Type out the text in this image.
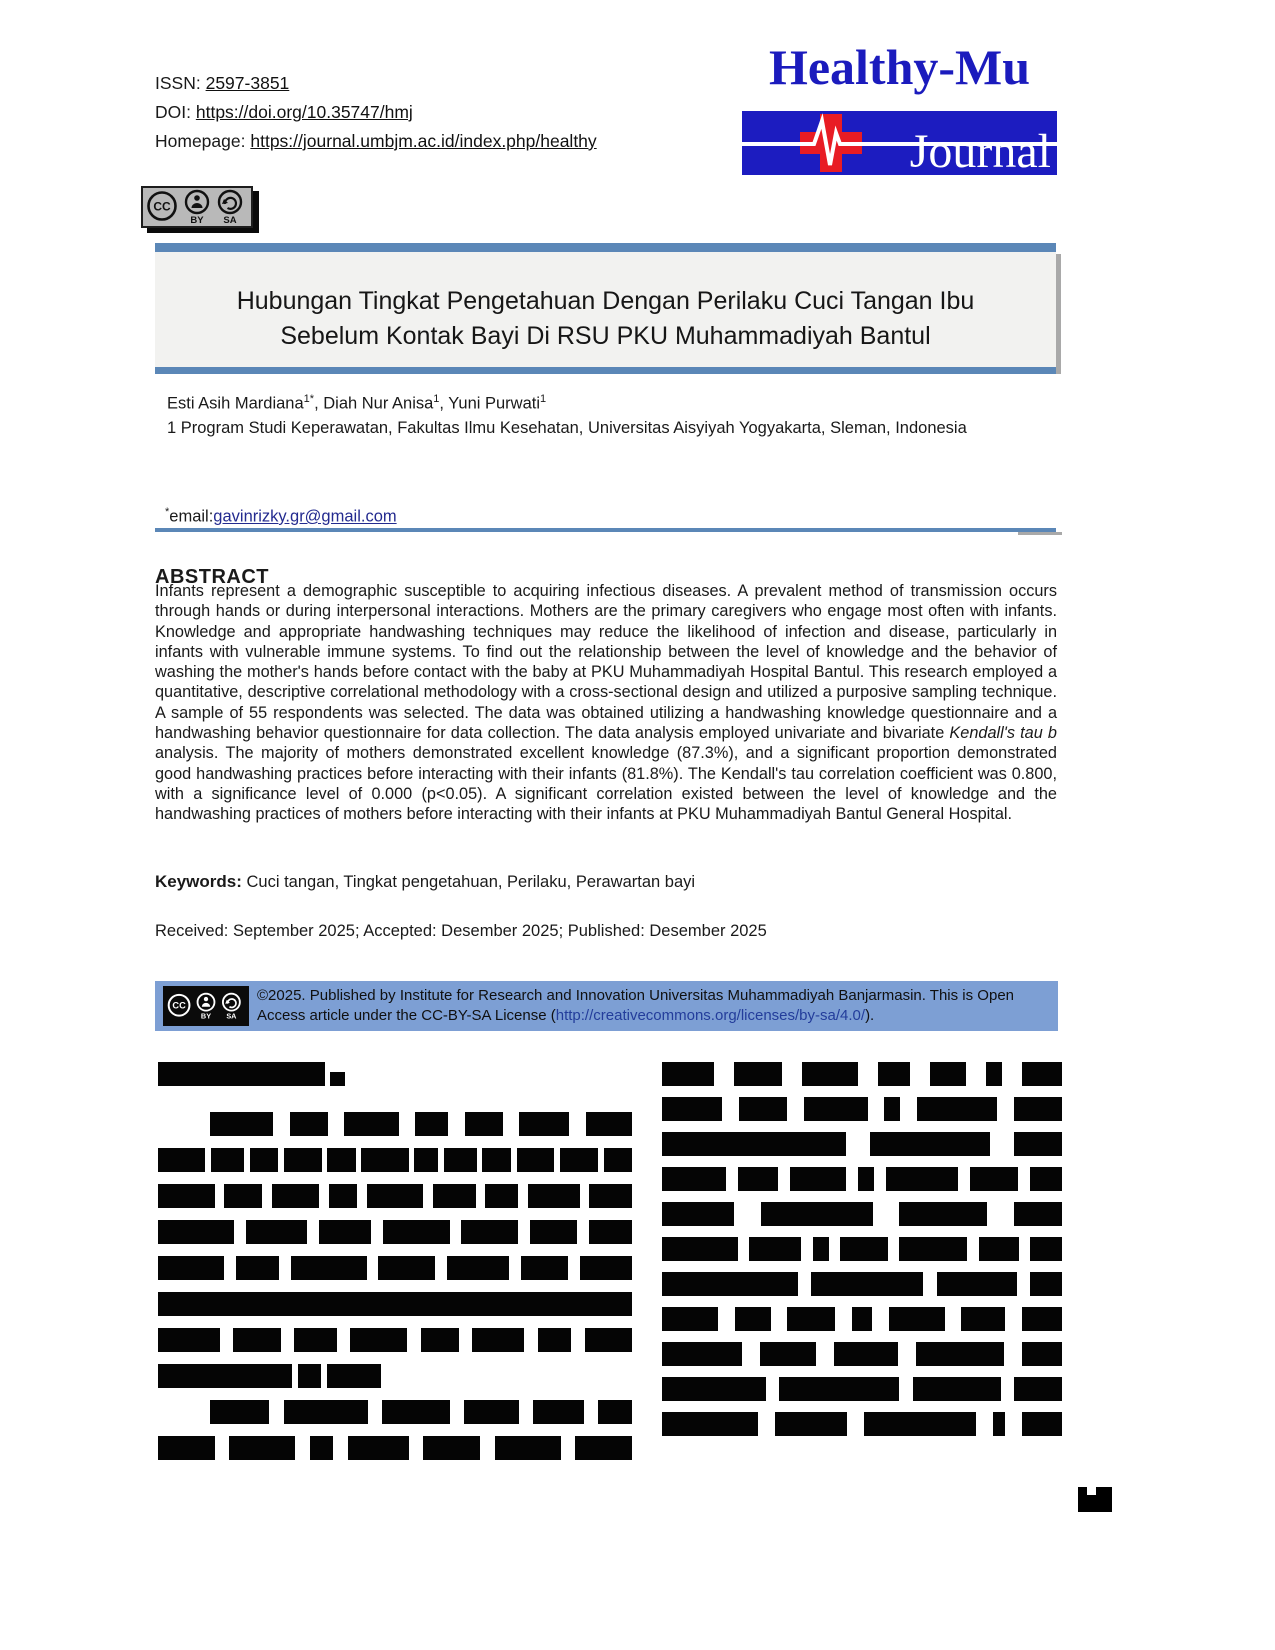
ISSN: 2597-3851
DOI: https://doi.org/10.35747/hmj
Homepage: https://journal.umbjm.ac.id/index.php/healthy
Healthy-Mu
Journal
CC
BY SA
Hubungan Tingkat Pengetahuan Dengan Perilaku Cuci Tangan Ibu
Sebelum Kontak Bayi Di RSU PKU Muhammadiyah Bantul
Esti Asih Mardiana$^{1*}$, Diah Nur Anisa$^1$, Yuni Purwati$^1$
1 Program Studi Keperawatan, Fakultas Ilmu Kesehatan, Universitas Aisyiyah Yogyakarta, Sleman, Indonesia
*email:gavinrizky.gr@gmail.com
ABSTRACT

Infants represent a demographic susceptible to acquiring infectious diseases. A prevalent method of transmission occurs through hands or during interpersonal interactions. Mothers are the primary caregivers who engage most often with infants. Knowledge and appropriate handwashing techniques may reduce the likelihood of infection and disease, particularly in infants with vulnerable immune systems. To find out the relationship between the level of knowledge and the behavior of washing the mother's hands before contact with the baby at PKU Muhammadiyah Hospital Bantul. This research employed a quantitative, descriptive correlational methodology with a cross-sectional design and utilized a purposive sampling technique. A sample of 55 respondents was selected. The data was obtained utilizing a handwashing knowledge questionnaire and a handwashing behavior questionnaire for data collection. The data analysis employed univariate and bivariate Kendall's tau b analysis. The majority of mothers demonstrated excellent knowledge (87.3%), and a significant proportion demonstrated good handwashing practices before interacting with their infants (81.8%). The Kendall's tau correlation coefficient was 0.800, with a significance level of 0.000 (p<0.05). A significant correlation existed between the level of knowledge and the handwashing practices of mothers before interacting with their infants at PKU Muhammadiyah Bantul General Hospital.

Keywords: Cuci tangan, Tingkat pengetahuan, Perilaku, Perawartan bayi

Received: September 2025; Accepted: Desember 2025; Published: Desember 2025

CC
BY SA
©2025. Published by Institute for Research and Innovation Universitas Muhammadiyah Banjarmasin. This is Open Access article under the CC-BY-SA License (http://creativecommons.org/licenses/by-sa/4.0/).
